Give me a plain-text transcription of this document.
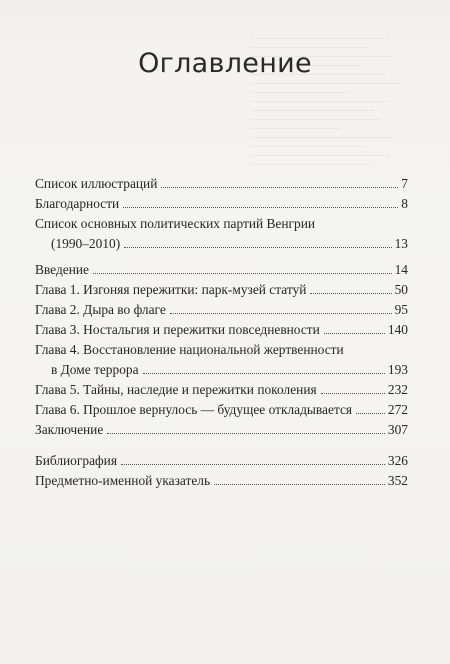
Оглавление
Список иллюстраций	7
Благодарности	8
Список основных политических партий Венгрии
(1990–2010)	13
Введение	14
Глава 1. Изгоняя пережитки: парк-музей статуй	50
Глава 2. Дыра во флаге	95
Глава 3. Ностальгия и пережитки повседневности	140
Глава 4. Восстановление национальной жертвенности
в Доме террора	193
Глава 5. Тайны, наследие и пережитки поколения	232
Глава 6. Прошлое вернулось — будущее откладывается	272
Заключение	307
Библиография	326
Предметно-именной указатель	352
